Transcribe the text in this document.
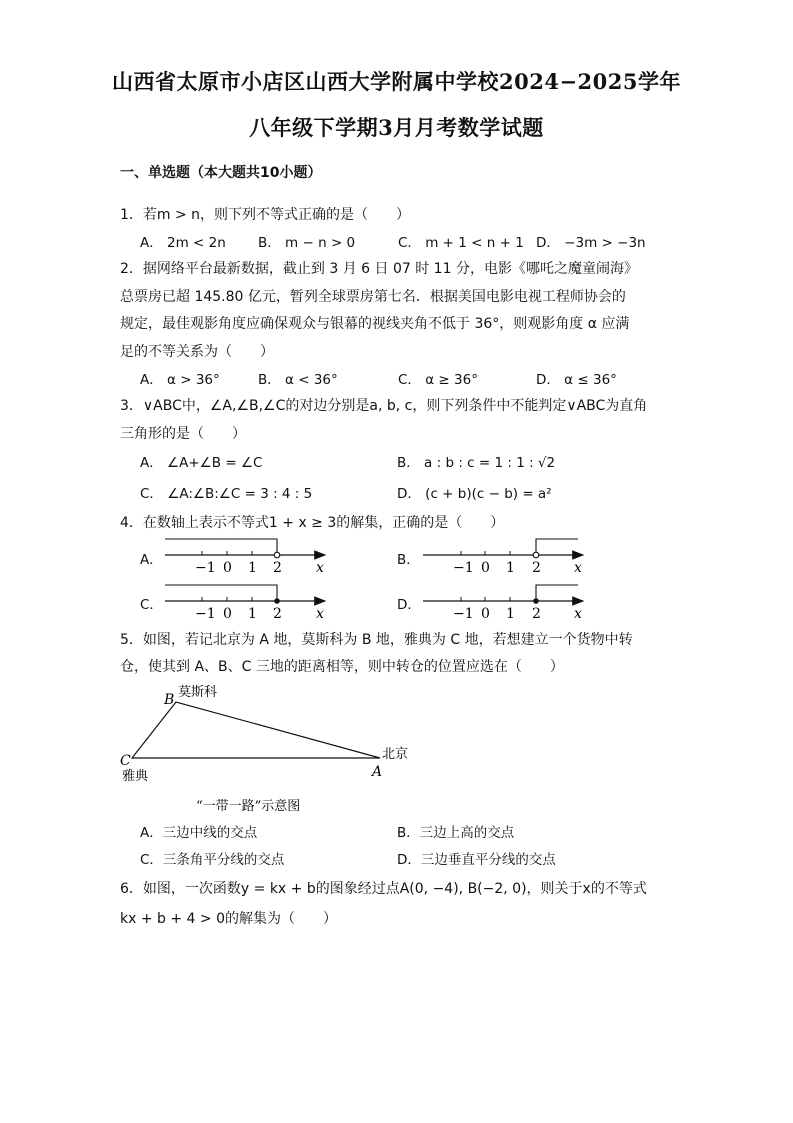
山西省太原市小店区山西大学附属中学校2024−2025学年
八年级下学期3月月考数学试题
一、单选题（本大题共10小题）
1．若m > n，则下列不等式正确的是（　　）
A． 2m < 2n B． m − n > 0	C． m + 1 < n + 1 D． −3m > −3n
2．据网络平台最新数据，截止到 3 月 6 日 07 时 11 分，电影《哪吒之魔童闹海》
总票房已超 145.80 亿元，暂列全球票房第七名．根据美国电影电视工程师协会的
规定，最佳观影角度应确保观众与银幕的视线夹角不低于 36°，则观影角度 α 应满
足的不等关系为（　　）
A． α > 36°	B． α < 36°	C． α ≥ 36°	D． α ≤ 36°
3．∨ABC中，∠A,∠B,∠C的对边分别是a, b, c，则下列条件中不能判定∨ABC为直角
三角形的是（　　）
A． ∠A+∠B = ∠C	B． a : b : c = 1 : 1 : √2
C． ∠A:∠B:∠C = 3 : 4 : 5	D． (c + b)(c − b) = a²
4．在数轴上表示不等式1 + x ≥ 3的解集，正确的是（　　）
A．	B．
C．	D．
−1 0 1 2 x	−1 0 1 2 x
−1 0 1 2 x	−1 0 1 2 x
5．如图，若记北京为 A 地，莫斯科为 B 地，雅典为 C 地，若想建立一个货物中转
仓，使其到 A、B、C 三地的距离相等，则中转仓的位置应选在（　　）
B 莫斯科
C
雅典	A
北京
“一带一路”示意图
A．三边中线的交点	B．三边上高的交点
C．三条角平分线的交点	D．三边垂直平分线的交点
6．如图，一次函数y = kx + b的图象经过点A(0, −4), B(−2, 0)，则关于x的不等式
kx + b + 4 > 0的解集为（　　）
